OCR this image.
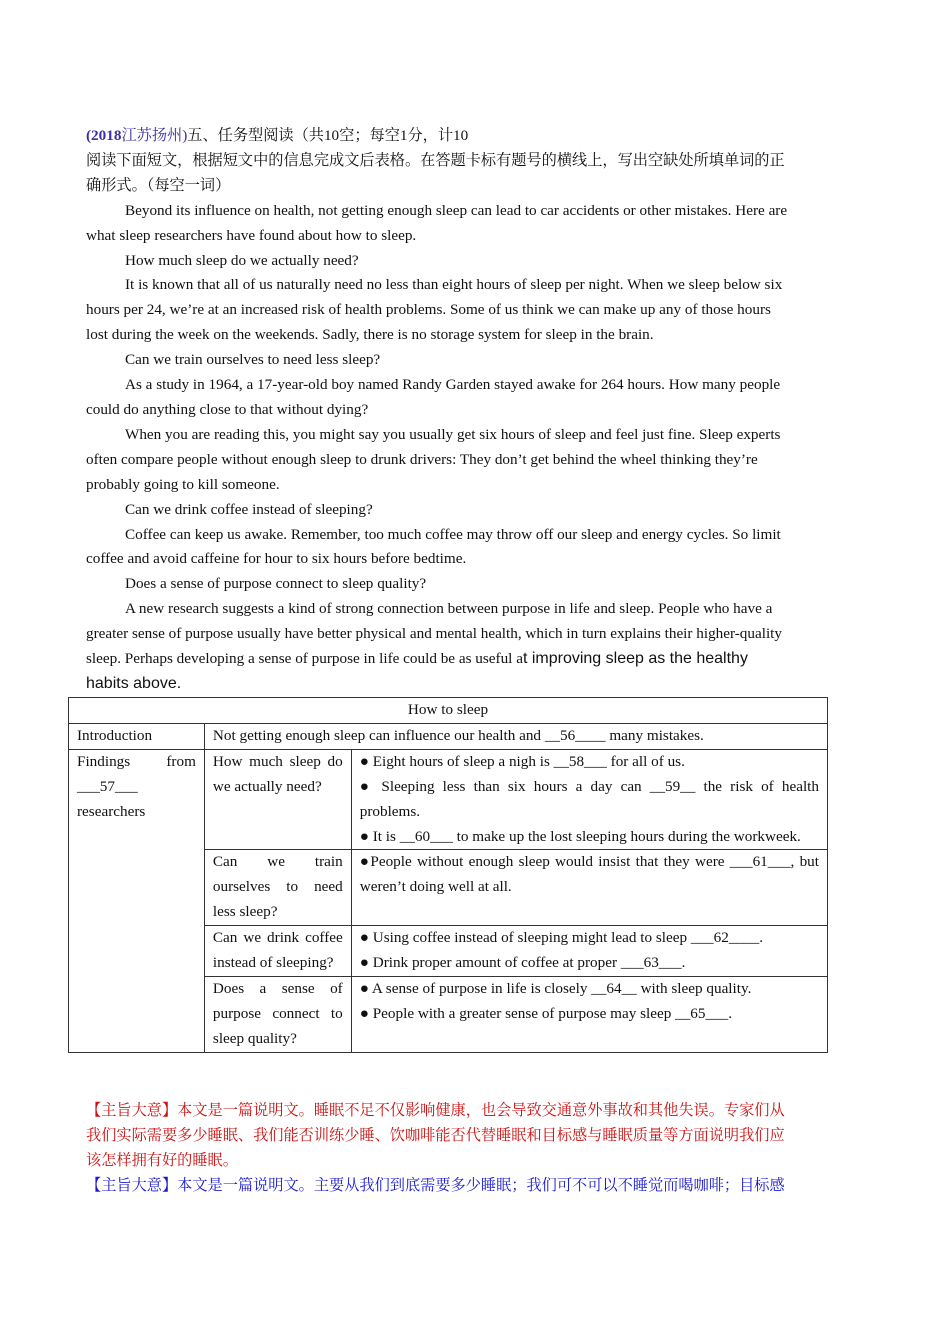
(2018江苏扬州)五、任务型阅读（共10空；每空1分，计10
阅读下面短文，根据短文中的信息完成文后表格。在答题卡标有题号的横线上，写出空缺处所填单词的正
确形式。（每空一词）
Beyond its influence on health, not getting enough sleep can lead to car accidents or other mistakes. Here are
what sleep researchers have found about how to sleep.
How much sleep do we actually need?
It is known that all of us naturally need no less than eight hours of sleep per night. When we sleep below six
hours per 24, we’re at an increased risk of health problems. Some of us think we can make up any of those hours
lost during the week on the weekends. Sadly, there is no storage system for sleep in the brain.
Can we train ourselves to need less sleep?
As a study in 1964, a 17-year-old boy named Randy Garden stayed awake for 264 hours. How many people
could do anything close to that without dying?
When you are reading this, you might say you usually get six hours of sleep and feel just fine. Sleep experts
often compare people without enough sleep to drunk drivers: They don’t get behind the wheel thinking they’re
probably going to kill someone.
Can we drink coffee instead of sleeping?
Coffee can keep us awake. Remember, too much coffee may throw off our sleep and energy cycles. So limit
coffee and avoid caffeine for hour to six hours before bedtime.
Does a sense of purpose connect to sleep quality?
A new research suggests a kind of strong connection between purpose in life and sleep. People who have a
greater sense of purpose usually have better physical and mental health, which in turn explains their higher-quality
sleep. Perhaps developing a sense of purpose in life could be as useful at improving sleep as the healthy
habits above.
How to sleep		
Introduction	Not getting enough sleep can influence our health and __56____ many mistakes.	
Findings from ___57___ researchers	How much sleep do we actually need?	● Eight hours of sleep a nigh is __58___ for all of us.
● Sleeping less than six hours a day can __59__ the risk of health problems.
● It is __60___ to make up the lost sleeping hours during the workweek.

	Can we train ourselves to need less sleep?	●People without enough sleep would insist that they were ___61___, but weren’t doing well at all.

	Can we drink coffee instead of sleeping?	● Using coffee instead of sleeping might lead to sleep ___62____.
● Drink proper amount of coffee at proper ___63___.

	Does a sense of purpose connect to sleep quality?	● A sense of purpose in life is closely __64__ with sleep quality.
● People with a greater sense of purpose may sleep __65___.
【主旨大意】本文是一篇说明文。睡眠不足不仅影响健康，也会导致交通意外事故和其他失误。专家们从
我们实际需要多少睡眠、我们能否训练少睡、饮咖啡能否代替睡眠和目标感与睡眠质量等方面说明我们应
该怎样拥有好的睡眠。
【主旨大意】本文是一篇说明文。主要从我们到底需要多少睡眠；我们可不可以不睡觉而喝咖啡；目标感
